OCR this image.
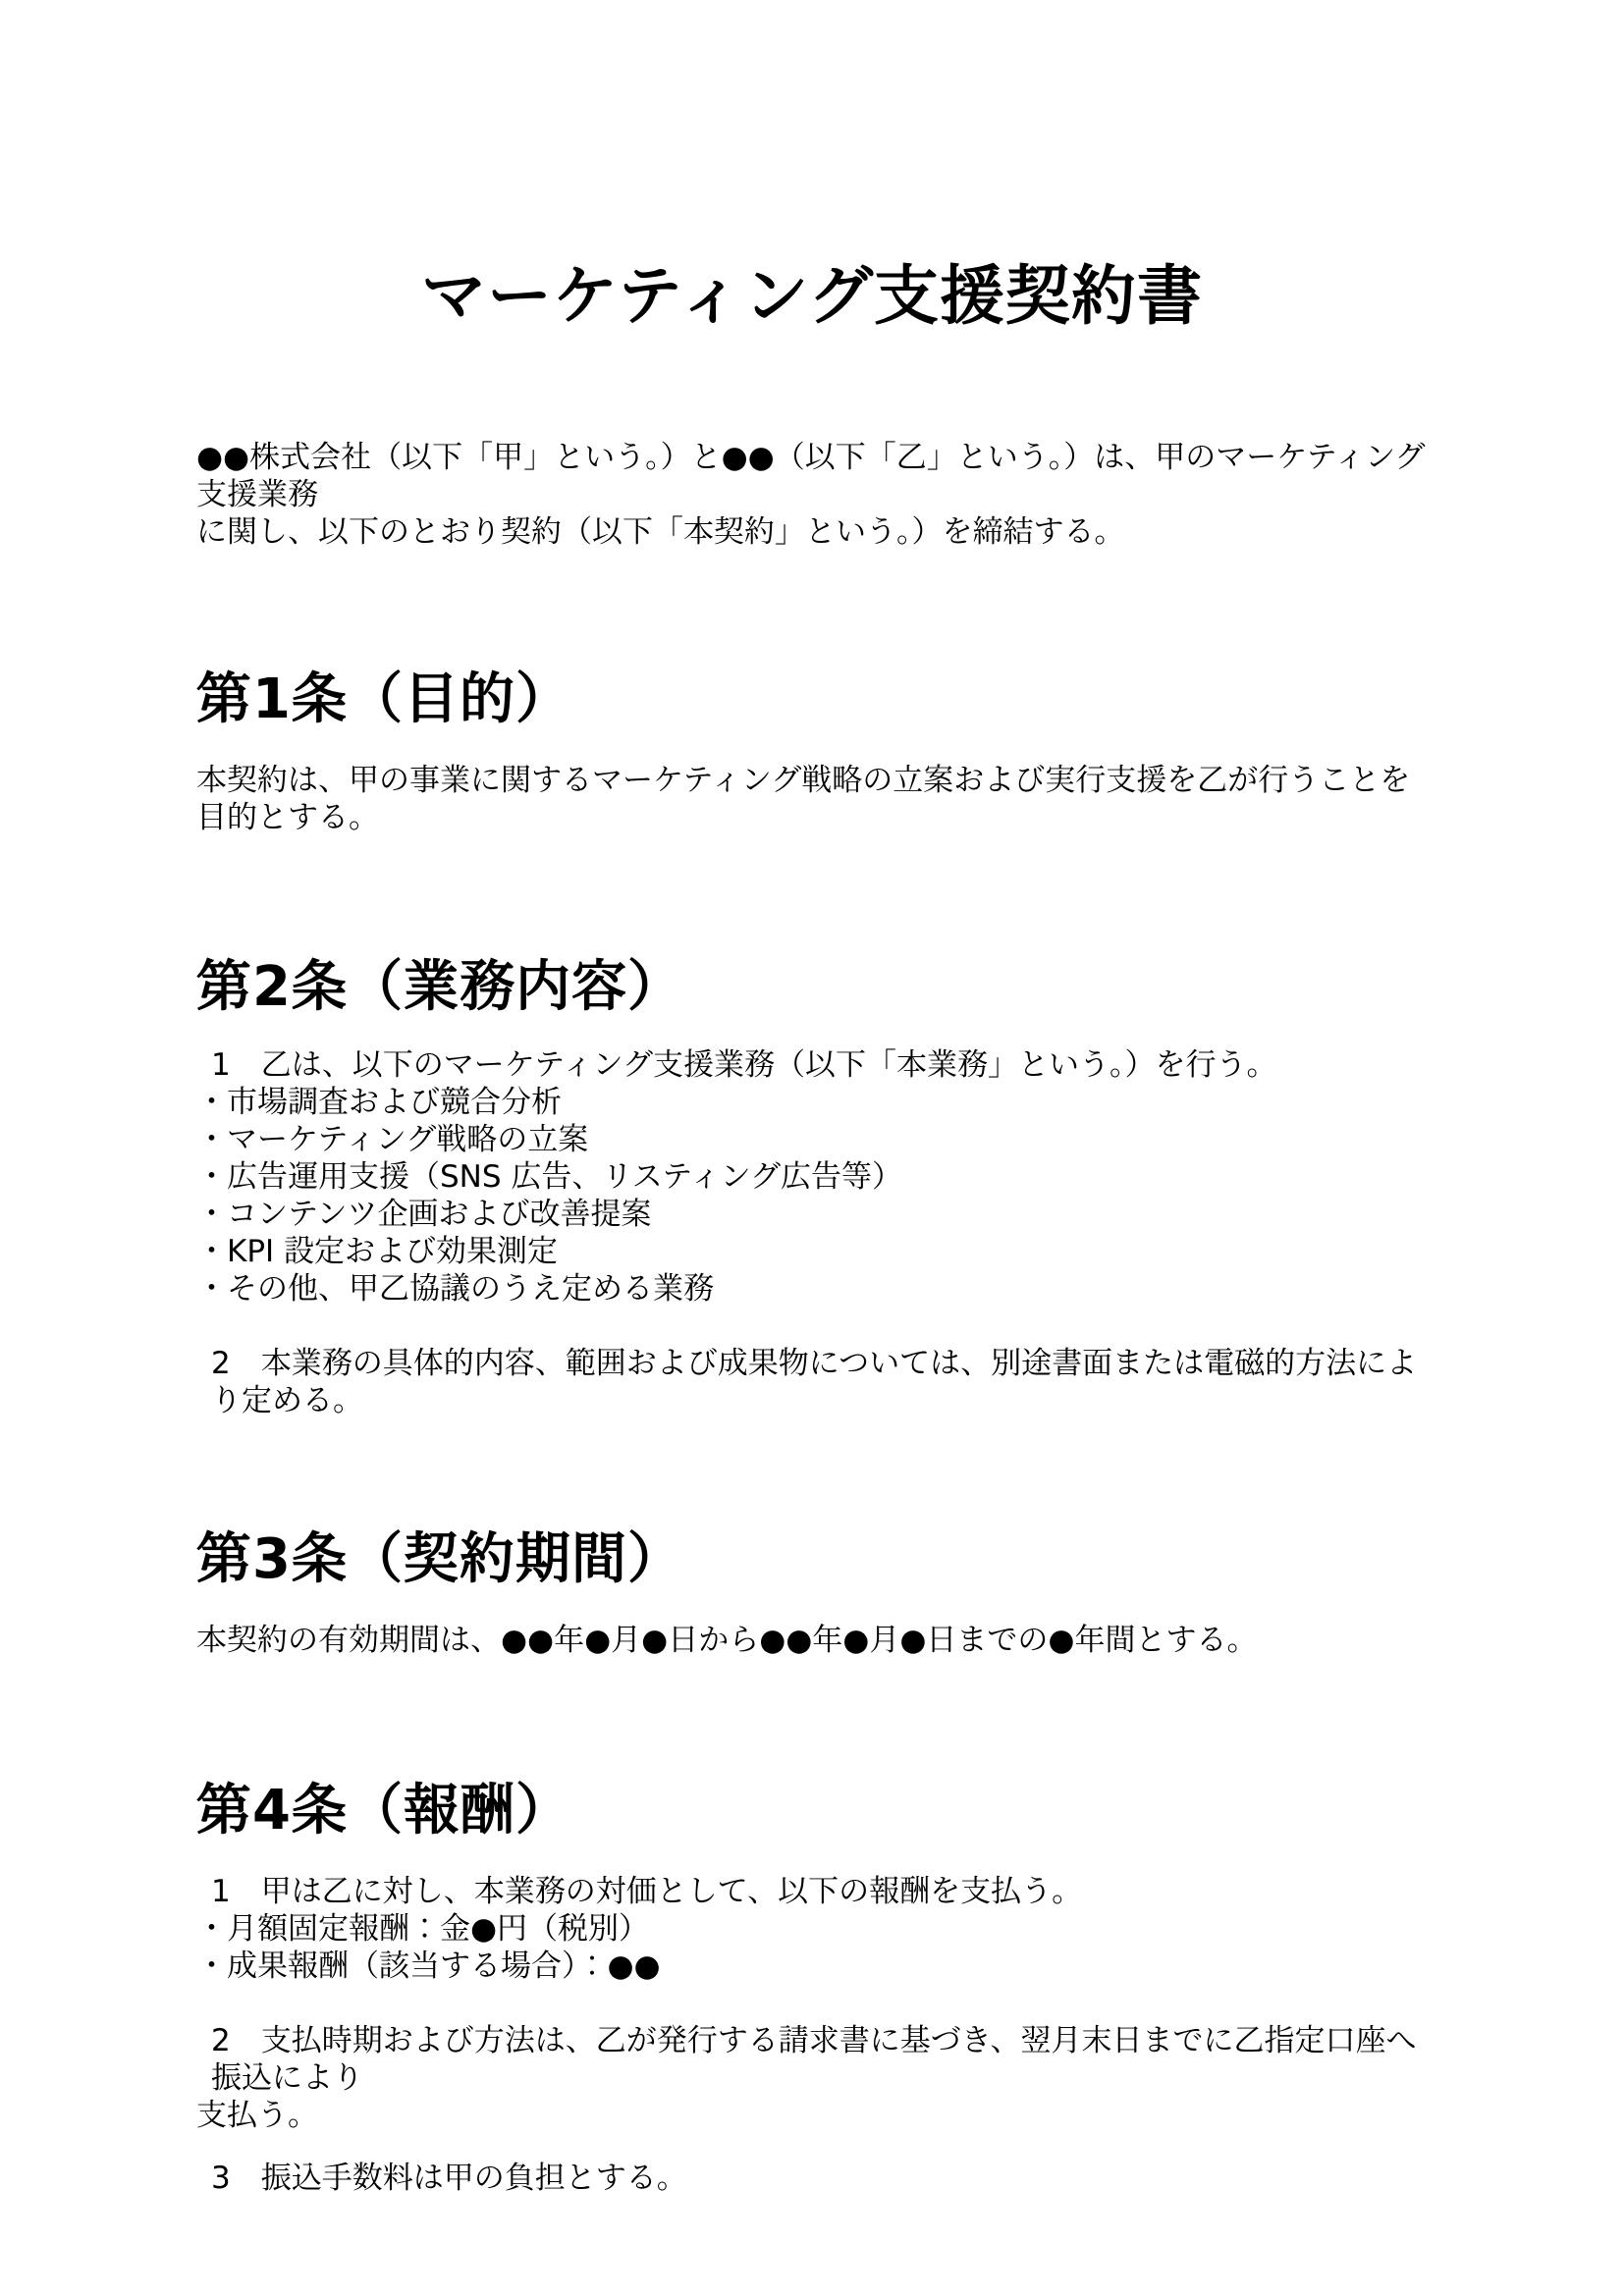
マーケティング支援契約書

●●株式会社（以下「甲」という。）と●●（以下「乙」という。）は、甲のマーケティング支援業務
に関し、以下のとおり契約（以下「本契約」という。）を締結する。

第1条（目的）

本契約は、甲の事業に関するマーケティング戦略の立案および実行支援を乙が行うことを目的とする。

第2条（業務内容）

1　乙は、以下のマーケティング支援業務（以下「本業務」という。）を行う。

・市場調査および競合分析
・マーケティング戦略の立案
・広告運用支援（SNS 広告、リスティング広告等）
・コンテンツ企画および改善提案
・KPI 設定および効果測定
・その他、甲乙協議のうえ定める業務

2　本業務の具体的内容、範囲および成果物については、別途書面または電磁的方法により定める。

第3条（契約期間）

本契約の有効期間は、●●年●月●日から●●年●月●日までの●年間とする。

第4条（報酬）

1　甲は乙に対し、本業務の対価として、以下の報酬を支払う。

・月額固定報酬：金●円（税別）
・成果報酬（該当する場合）：●●

2　支払時期および方法は、乙が発行する請求書に基づき、翌月末日までに乙指定口座へ振込により
支払う。

3　振込手数料は甲の負担とする。
